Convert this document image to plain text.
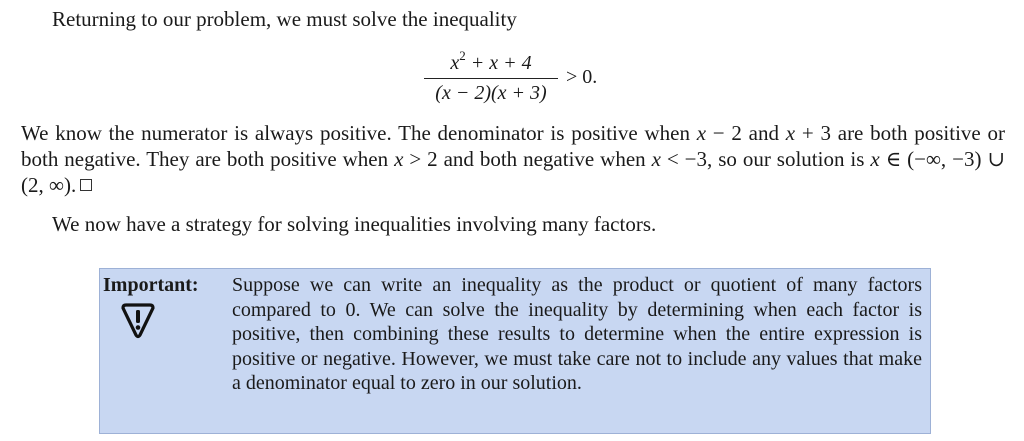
Returning to our problem, we must solve the inequality
$x^2 + x + 4$
(x − 2)(x + 3)
> 0.
We know the numerator is always positive. The denominator is positive when x − 2 and x + 3 are both positive or both negative. They are both positive when x > 2 and both negative when x < −3, so our solution is x ∈ (−∞, −3) ∪ (2, ∞).
We now have a strategy for solving inequalities involving many factors.
Important: Suppose we can write an inequality as the product or quotient of many factors compared to 0. We can solve the inequality by determining when each factor is positive, then combining these results to determine when the entire expression is positive or negative. However, we must take care not to include any values that make a denominator equal to zero in our solution.
